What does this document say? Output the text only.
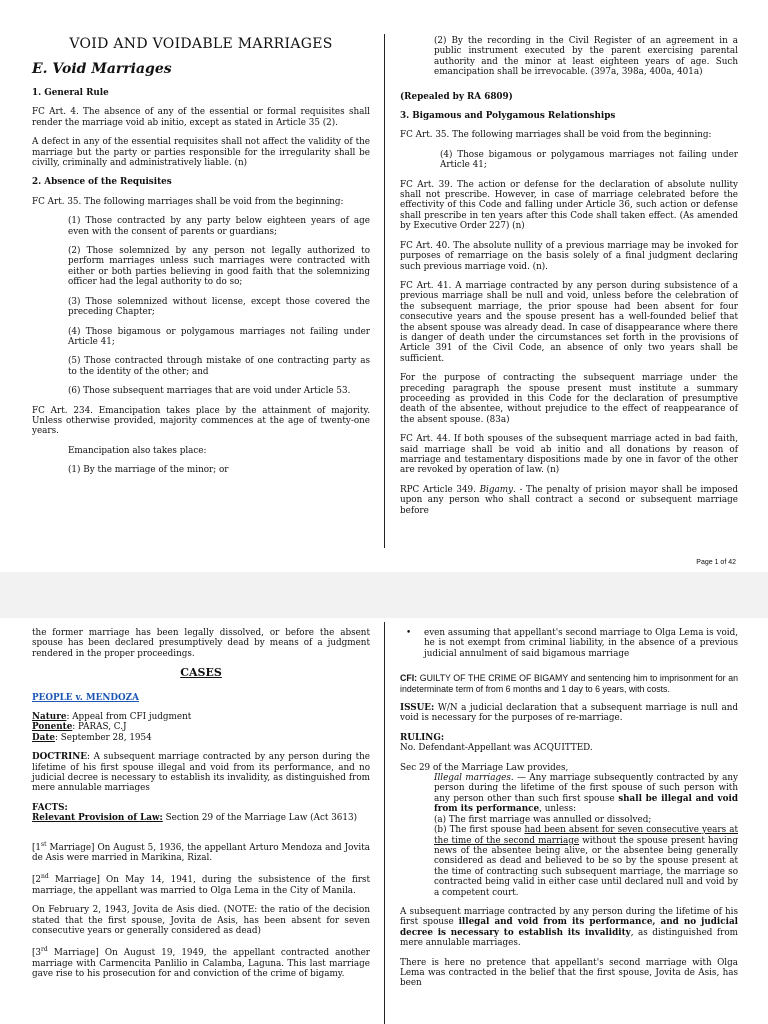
VOID AND VOIDABLE MARRIAGES
E. Void Marriages

1. General Rule

FC Art. 4. The absence of any of the essential or formal requisites shall render the marriage void ab initio, except as stated in Article 35 (2).

A defect in any of the essential requisites shall not affect the validity of the marriage but the party or parties responsible for the irregularity shall be civilly, criminally and administratively liable. (n)

2. Absence of the Requisites

FC Art. 35. The following marriages shall be void from the beginning:

(1) Those contracted by any party below eighteen years of age even with the consent of parents or guardians;

(2) Those solemnized by any person not legally authorized to perform marriages unless such marriages were contracted with either or both parties believing in good faith that the solemnizing officer had the legal authority to do so;

(3) Those solemnized without license, except those covered the preceding Chapter;

(4) Those bigamous or polygamous marriages not failing under Article 41;

(5) Those contracted through mistake of one contracting party as to the identity of the other; and

(6) Those subsequent marriages that are void under Article 53.

FC Art. 234. Emancipation takes place by the attainment of majority. Unless otherwise provided, majority commences at the age of twenty-one years.

Emancipation also takes place:

(1) By the marriage of the minor; or

(2) By the recording in the Civil Register of an agreement in a public instrument executed by the parent exercising parental authority and the minor at least eighteen years of age. Such emancipation shall be irrevocable. (397a, 398a, 400a, 401a)

(Repealed by RA 6809)

3. Bigamous and Polygamous Relationships

FC Art. 35. The following marriages shall be void from the beginning:

(4) Those bigamous or polygamous marriages not failing under Article 41;

FC Art. 39. The action or defense for the declaration of absolute nullity shall not prescribe. However, in case of marriage celebrated before the effectivity of this Code and falling under Article 36, such action or defense shall prescribe in ten years after this Code shall taken effect. (As amended by Executive Order 227) (n)

FC Art. 40. The absolute nullity of a previous marriage may be invoked for purposes of remarriage on the basis solely of a final judgment declaring such previous marriage void. (n).

FC Art. 41. A marriage contracted by any person during subsistence of a previous marriage shall be null and void, unless before the celebration of the subsequent marriage, the prior spouse had been absent for four consecutive years and the spouse present has a well-founded belief that the absent spouse was already dead. In case of disappearance where there is danger of death under the circumstances set forth in the provisions of Article 391 of the Civil Code, an absence of only two years shall be sufficient.

For the purpose of contracting the subsequent marriage under the preceding paragraph the spouse present must institute a summary proceeding as provided in this Code for the declaration of presumptive death of the absentee, without prejudice to the effect of reappearance of the absent spouse. (83a)

FC Art. 44. If both spouses of the subsequent marriage acted in bad faith, said marriage shall be void ab initio and all donations by reason of marriage and testamentary dispositions made by one in favor of the other are revoked by operation of law. (n)

RPC Article 349. Bigamy. - The penalty of prision mayor shall be imposed upon any person who shall contract a second or subsequent marriage before

Page 1 of 42

the former marriage has been legally dissolved, or before the absent spouse has been declared presumptively dead by means of a judgment rendered in the proper proceedings.

CASES

PEOPLE v. MENDOZA

Nature: Appeal from CFI judgment
Ponente: PARAS, C.J
Date: September 28, 1954

DOCTRINE: A subsequent marriage contracted by any person during the lifetime of his first spouse illegal and void from its performance, and no judicial decree is necessary to establish its invalidity, as distinguished from mere annulable marriages

FACTS:

Relevant Provision of Law: Section 29 of the Marriage Law (Act 3613)

[1st Marriage] On August 5, 1936, the appellant Arturo Mendoza and Jovita de Asis were married in Marikina, Rizal.

[2nd Marriage] On May 14, 1941, during the subsistence of the first marriage, the appellant was married to Olga Lema in the City of Manila.

On February 2, 1943, Jovita de Asis died. (NOTE: the ratio of the decision stated that the first spouse, Jovita de Asis, has been absent for seven consecutive years or generally considered as dead)

[3rd Marriage] On August 19, 1949, the appellant contracted another marriage with Carmencita Panlilio in Calamba, Laguna. This last marriage gave rise to his prosecution for and conviction of the crime of bigamy.

•	even assuming that appellant's second marriage to Olga Lema is void, he is not exempt from criminal liability, in the absence of a previous judicial annulment of said bigamous marriage

CFI: GUILTY OF THE CRIME OF BIGAMY and sentencing him to imprisonment for an indeterminate term of from 6 months and 1 day to 6 years, with costs.

ISSUE: W/N a judicial declaration that a subsequent marriage is null and void is necessary for the purposes of re-marriage.

RULING:

No. Defendant-Appellant was ACQUITTED.

Sec 29 of the Marriage Law provides,
Illegal marriages. — Any marriage subsequently contracted by any person during the lifetime of the first spouse of such person with any person other than such first spouse shall be illegal and void from its performance, unless:
(a) The first marriage was annulled or dissolved;
(b) The first spouse had been absent for seven consecutive years at the time of the second marriage without the spouse present having news of the absentee being alive, or the absentee being generally considered as dead and believed to be so by the spouse present at the time of contracting such subsequent marriage, the marriage so contracted being valid in either case until declared null and void by a competent court.

A subsequent marriage contracted by any person during the lifetime of his first spouse illegal and void from its performance, and no judicial decree is necessary to establish its invalidity, as distinguished from mere annulable marriages.

There is here no pretence that appellant's second marriage with Olga Lema was contracted in the belief that the first spouse, Jovita de Asis, has been
